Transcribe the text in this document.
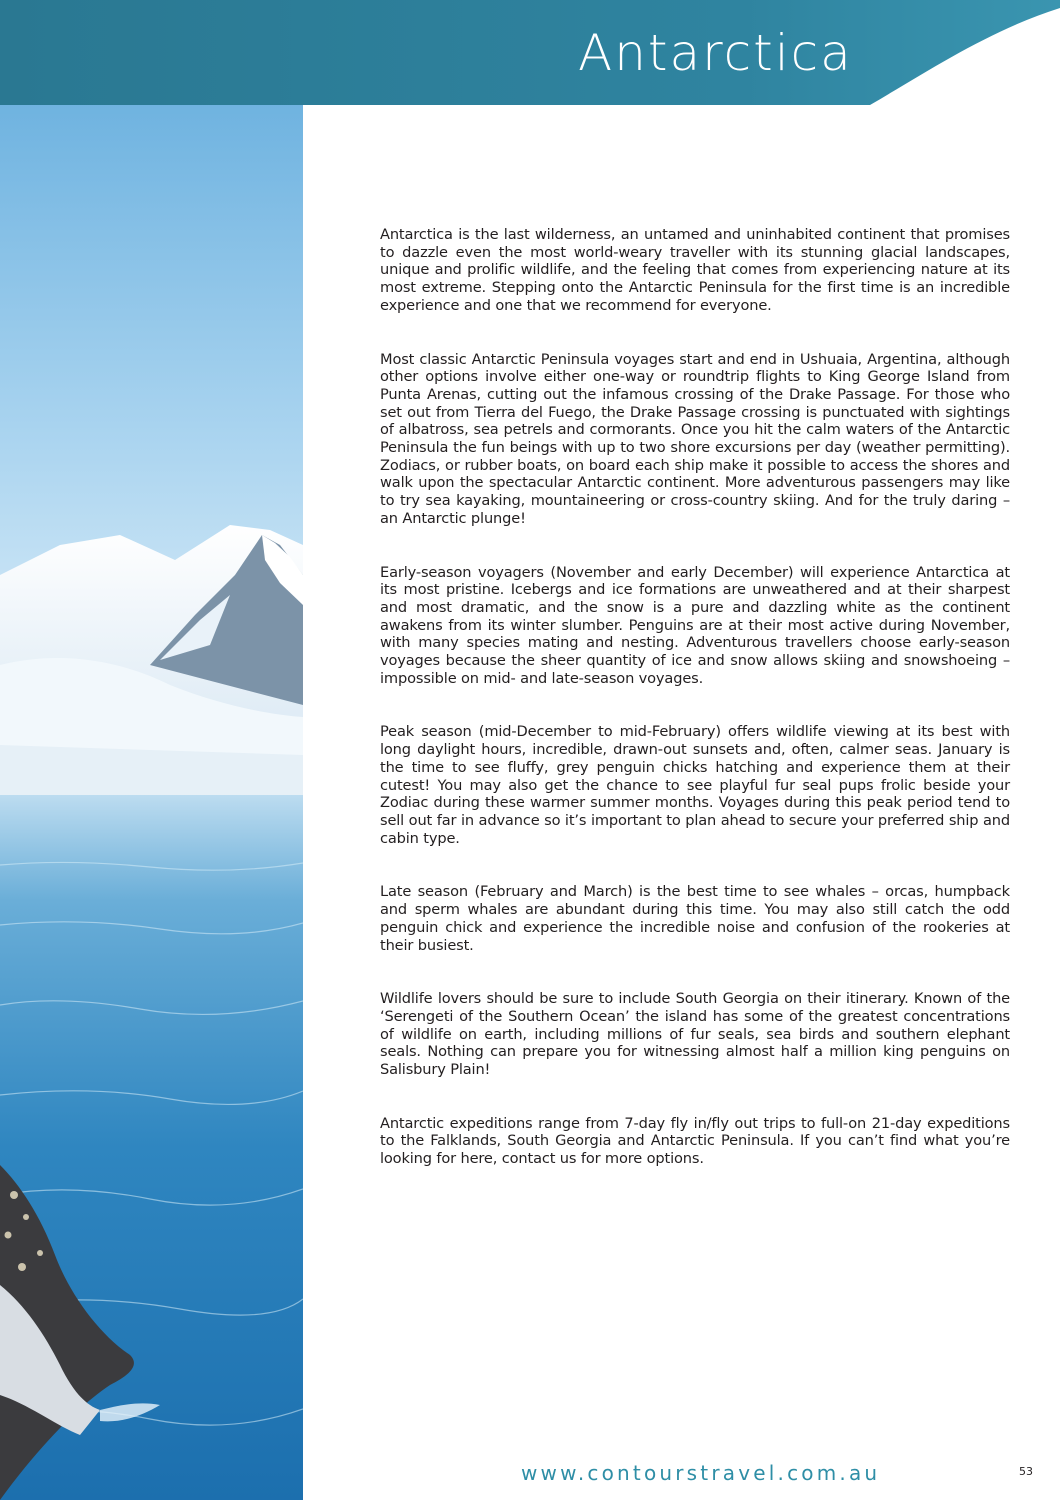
Antarctica

Antarctica is the last wilderness, an untamed and uninhabited continent that promises to dazzle even the most world-weary traveller with its stunning glacial landscapes, unique and prolific wildlife, and the feeling that comes from experiencing nature at its most extreme. Stepping onto the Antarctic Peninsula for the first time is an incredible experience and one that we recommend for everyone.

Most classic Antarctic Peninsula voyages start and end in Ushuaia, Argentina, although other options involve either one-way or roundtrip flights to King George Island from Punta Arenas, cutting out the infamous crossing of the Drake Passage. For those who set out from Tierra del Fuego, the Drake Passage crossing is punctuated with sightings of albatross, sea petrels and cormorants. Once you hit the calm waters of the Antarctic Peninsula the fun beings with up to two shore excursions per day (weather permitting). Zodiacs, or rubber boats, on board each ship make it possible to access the shores and walk upon the spectacular Antarctic continent. More adventurous passengers may like to try sea kayaking, mountaineering or cross-country skiing. And for the truly daring – an Antarctic plunge!

Early-season voyagers (November and early December) will experience Antarctica at its most pristine. Icebergs and ice formations are unweathered and at their sharpest and most dramatic, and the snow is a pure and dazzling white as the continent awakens from its winter slumber. Penguins are at their most active during November, with many species mating and nesting. Adventurous travellers choose early-season voyages because the sheer quantity of ice and snow allows skiing and snowshoeing – impossible on mid- and late-season voyages.

Peak season (mid-December to mid-February) offers wildlife viewing at its best with long daylight hours, incredible, drawn-out sunsets and, often, calmer seas. January is the time to see fluffy, grey penguin chicks hatching and experience them at their cutest! You may also get the chance to see playful fur seal pups frolic beside your Zodiac during these warmer summer months. Voyages during this peak period tend to sell out far in advance so it’s important to plan ahead to secure your preferred ship and cabin type.

Late season (February and March) is the best time to see whales – orcas, humpback and sperm whales are abundant during this time. You may also still catch the odd penguin chick and experience the incredible noise and confusion of the rookeries at their busiest.

Wildlife lovers should be sure to include South Georgia on their itinerary. Known of the ‘Serengeti of the Southern Ocean’ the island has some of the greatest concentrations of wildlife on earth, including millions of fur seals, sea birds and southern elephant seals. Nothing can prepare you for witnessing almost half a million king penguins on Salisbury Plain!

Antarctic expeditions range from 7-day fly in/fly out trips to full-on 21-day expeditions to the Falklands, South Georgia and Antarctic Peninsula. If you can’t find what you’re looking for here, contact us for more options.

www.contourstravel.com.au	53
